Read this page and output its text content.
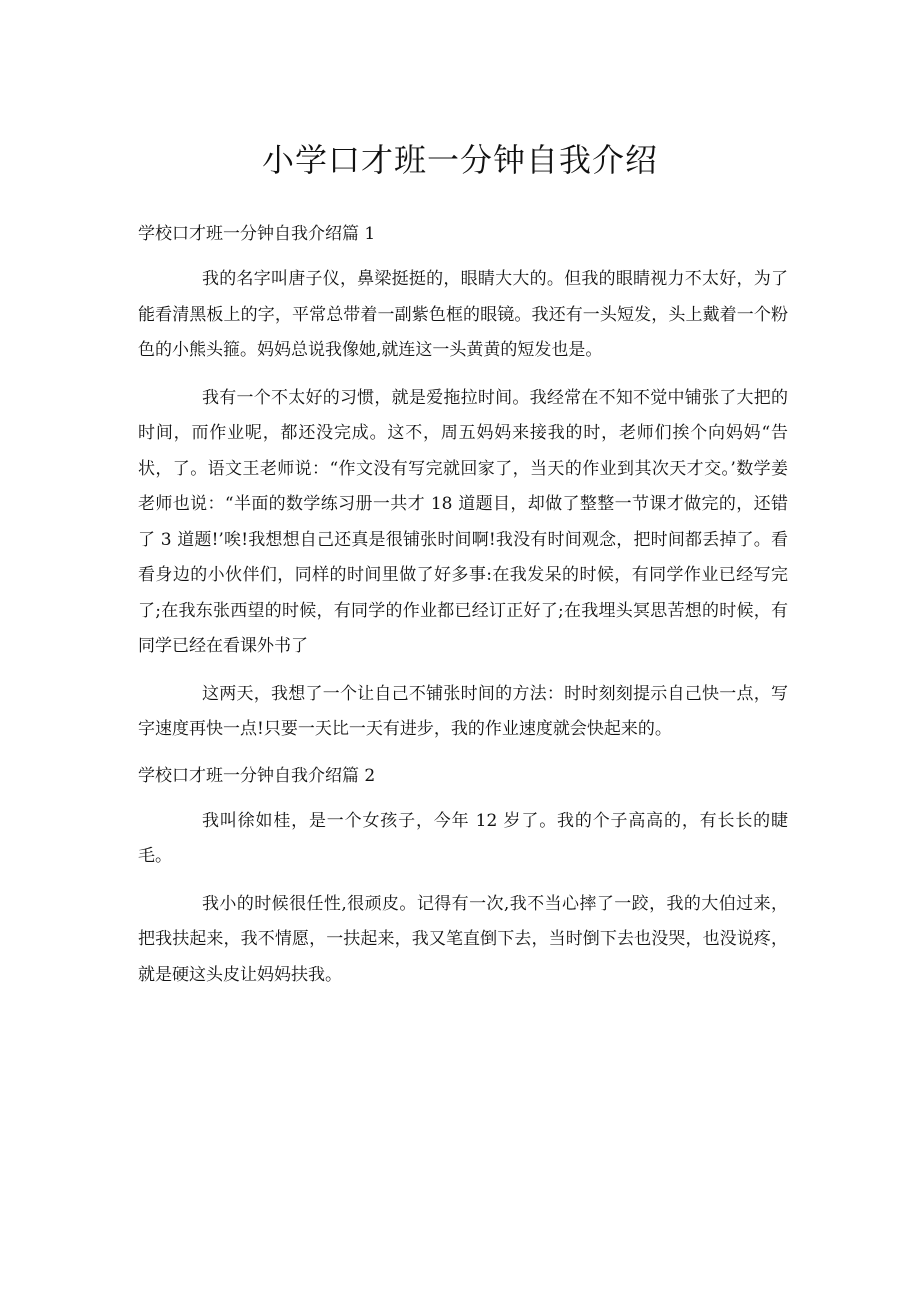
小学口才班一分钟自我介绍
学校口才班一分钟自我介绍篇 1

我的名字叫唐子仪，鼻梁挺挺的，眼睛大大的。但我的眼睛视力不太好，为了能看清黑板上的字，平常总带着一副紫色框的眼镜。我还有一头短发，头上戴着一个粉色的小熊头箍。妈妈总说我像她,就连这一头黄黄的短发也是。

我有一个不太好的习惯，就是爱拖拉时间。我经常在不知不觉中铺张了大把的时间，而作业呢，都还没完成。这不，周五妈妈来接我的时，老师们挨个向妈妈“告状，了。语文王老师说：“作文没有写完就回家了，当天的作业到其次天才交。’数学姜老师也说：“半面的数学练习册一共才 18 道题目，却做了整整一节课才做完的，还错了 3 道题!’唉!我想想自己还真是很铺张时间啊!我没有时间观念，把时间都丢掉了。看看身边的小伙伴们，同样的时间里做了好多事:在我发呆的时候，有同学作业已经写完了;在我东张西望的时候，有同学的作业都已经订正好了;在我埋头冥思苦想的时候，有同学已经在看课外书了

这两天，我想了一个让自己不铺张时间的方法：时时刻刻提示自己快一点，写字速度再快一点!只要一天比一天有进步，我的作业速度就会快起来的。

学校口才班一分钟自我介绍篇 2

我叫徐如桂，是一个女孩子，今年 12 岁了。我的个子高高的，有长长的睫毛。

我小的时候很任性,很顽皮。记得有一次,我不当心摔了一跤，我的大伯过来，把我扶起来，我不情愿，一扶起来，我又笔直倒下去，当时倒下去也没哭，也没说疼，就是硬这头皮让妈妈扶我。
